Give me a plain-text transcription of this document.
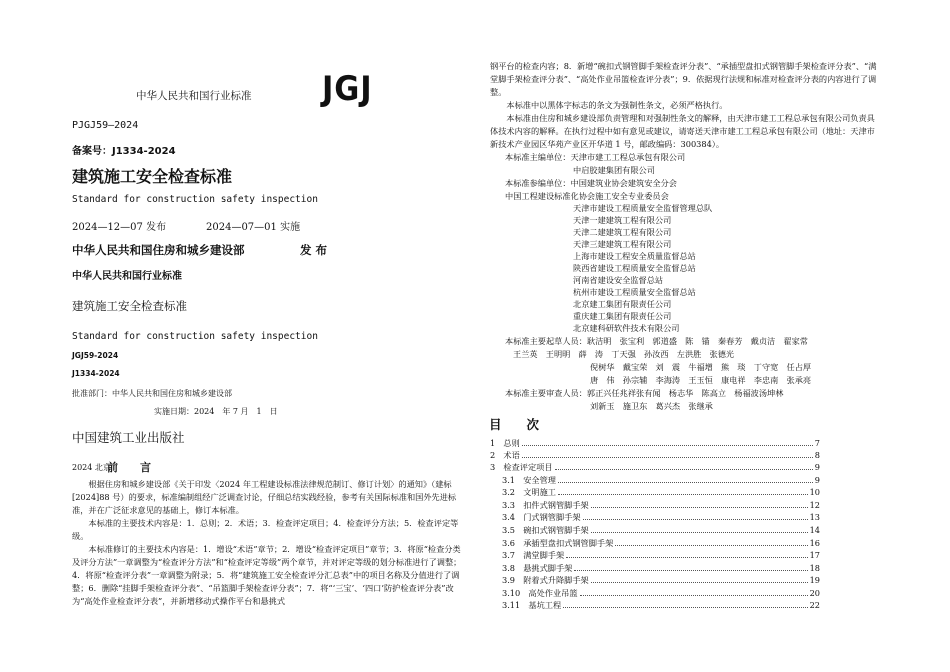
中华人民共和国行业标准 JGJ
PJGJ59—2024
备案号：J1334-2024
建筑施工安全检查标准
Standard for construction safety inspection
2024—12—07 发布	2024—07—01 实施
中华人民共和国住房和城乡建设部	发 布
中华人民共和国行业标准
建筑施工安全检查标准
Standard for construction safety inspection
JGJ59-2024
J1334-2024
批准部门：中华人民共和国住房和城乡建设部
实施日期：2024　年 7 月　1　日
中国建筑工业出版社
2024 北京
前　　言
根据住房和城乡建设部《关于印发〈2024 年工程建设标准法律规范制订、修订计划〉的通知》（建标[2024]88 号）的要求，标准编制组经广泛调查讨论，仔细总结实践经验，参考有关国际标准和国外先进标准，并在广泛征求意见的基础上，修订本标准。
本标准的主要技术内容是：1．总则；2．术语；3．检查评定项目；4．检查评分方法；5．检查评定等级。
本标准修订的主要技术内容是：1．增设“术语”章节；2．增设“检查评定项目”章节；3．将原“检查分类及评分方法”一章调整为“检查评分方法”和“检查评定等级”两个章节，并对评定等级的划分标准进行了调整；4．将原“检查评分表”一章调整为附录；5．将“建筑施工安全检查评分汇总表”中的项目名称及分值进行了调整；6．删除“挂脚手架检查评分表”、“吊篮脚手架检查评分表”；7．将“‘三宝’、‘四口’防护检查评分表”改为“高处作业检查评分表”，并新增移动式操作平台和悬挑式
钢平台的检查内容；8．新增“碗扣式钢管脚手架检查评分表”、“承插型盘扣式钢管脚手架检查评分表”、“满堂脚手架检查评分表”、“高处作业吊篮检查评分表”；9．依据现行法规和标准对检查评分表的内容进行了调整。
本标准中以黑体字标志的条文为强制性条文，必须严格执行。
本标准由住房和城乡建设部负责管理和对强制性条文的解释，由天津市建工工程总承包有限公司负责具体技术内容的解释。在执行过程中如有意见或建议，请寄送天津市建工工程总承包有限公司（地址：天津市新技术产业园区华苑产业区开华道 1 号，邮政编码：300384）。
本标准主编单位：天津市建工工程总承包有限公司
中启胶建集团有限公司
本标准参编单位：中国建筑业协会建筑安全分会
中国工程建设标准化协会施工安全专业委员会
天津市建设工程质量安全监督管理总队
天津一建建筑工程有限公司
天津二建建筑工程有限公司
天津三建建筑工程有限公司
上海市建设工程安全质量监督总站
陕西省建设工程质量安全监督总站
河南省建设安全监督总站
杭州市建设工程质量安全监督总站
北京建工集团有限责任公司
重庆建工集团有限责任公司
北京建科研软件技术有限公司
本标准主要起草人员：耿洁明　张宝利　郭道盛　陈　锚　秦春芳　戴贞洁　翟家常
王兰英　王明明　薛　涛　丁天强　孙汝西　左洪胜　张德光
倪树华　戴宝荣　刘　震　牛福增　熊　琰　丁守宽　任占厚
唐　伟　孙宗辅　李海涛　王玉恒　康电祥　李忠南　张承亮
本标准主要审查人员：郭正兴任兆祥张有闻　杨志华　陈高立　杨福波汤坤林
刘新玉　施卫东　葛兴杰　张继承
目　　次
1　总则	7
2　术语	8
3　检查评定项目	9
3.1　安全管理	9
3.2　文明施工	10
3.3　扣件式钢管脚手架	12
3.4　门式钢管脚手架	13
3.5　碗扣式钢管脚手架	14
3.6　承插型盘扣式钢管脚手架	16
3.7　满堂脚手架	17
3.8　悬挑式脚手架	18
3.9　附着式升降脚手架	19
3.10　高处作业吊篮	20
3.11　基坑工程	22
